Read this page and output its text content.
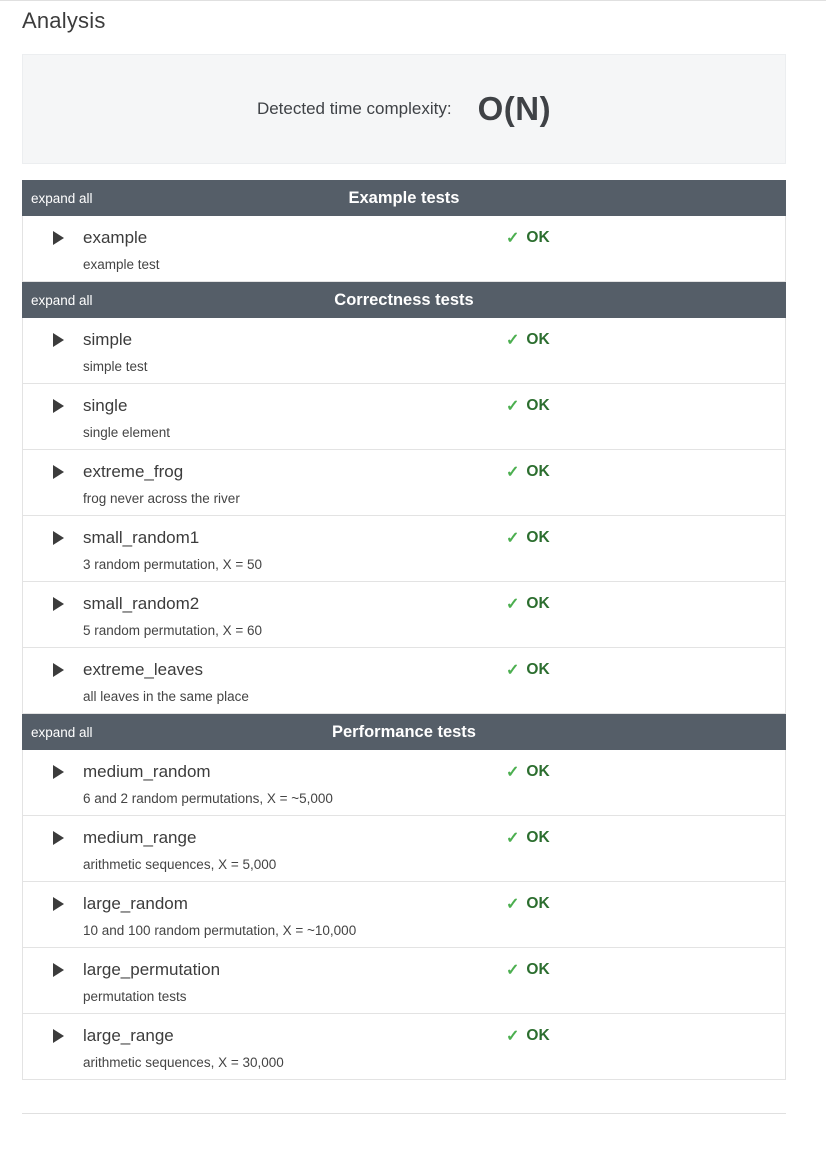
Analysis
Detected time complexity: O(N)
expand all	Example tests
example	✓ OK
example test
expand all	Correctness tests
simple	✓ OK
simple test
single	✓ OK
single element
extreme_frog	✓ OK
frog never across the river
small_random1	✓ OK
3 random permutation, X = 50
small_random2	✓ OK
5 random permutation, X = 60
extreme_leaves	✓ OK
all leaves in the same place
expand all	Performance tests
medium_random	✓ OK
6 and 2 random permutations, X = ~5,000
medium_range	✓ OK
arithmetic sequences, X = 5,000
large_random	✓ OK
10 and 100 random permutation, X = ~10,000
large_permutation	✓ OK
permutation tests
large_range	✓ OK
arithmetic sequences, X = 30,000
